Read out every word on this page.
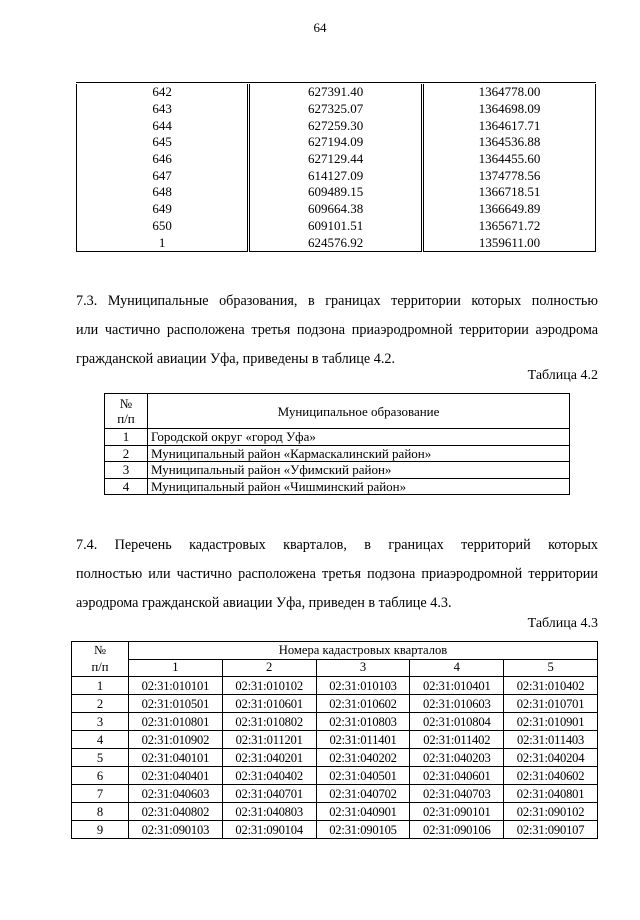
64
642	627391.40	1364778.00
643	627325.07	1364698.09
644	627259.30	1364617.71
645	627194.09	1364536.88
646	627129.44	1364455.60
647	614127.09	1374778.56
648	609489.15	1366718.51
649	609664.38	1366649.89
650	609101.51	1365671.72
1	624576.92	1359611.00
7.3. Муниципальные образования, в границах территории которых полностью
или частично расположена третья подзона приаэродромной территории аэродрома
гражданской авиации Уфа, приведены в таблице 4.2.
Таблица 4.2
№
п/п	Муниципальное образование
1	Городской округ «город Уфа»
2	Муниципальный район «Кармаскалинский район»
3	Муниципальный район «Уфимский район»
4	Муниципальный район «Чишминский район»
7.4. Перечень кадастровых кварталов, в границах территорий которых
полностью или частично расположена третья подзона приаэродромной территории
аэродрома гражданской авиации Уфа, приведен в таблице 4.3.
Таблица 4.3
№
п/п	Номера кадастровых кварталов				
	1	2	3	4	5
1	02:31:010101	02:31:010102	02:31:010103	02:31:010401	02:31:010402
2	02:31:010501	02:31:010601	02:31:010602	02:31:010603	02:31:010701
3	02:31:010801	02:31:010802	02:31:010803	02:31:010804	02:31:010901
4	02:31:010902	02:31:011201	02:31:011401	02:31:011402	02:31:011403
5	02:31:040101	02:31:040201	02:31:040202	02:31:040203	02:31:040204
6	02:31:040401	02:31:040402	02:31:040501	02:31:040601	02:31:040602
7	02:31:040603	02:31:040701	02:31:040702	02:31:040703	02:31:040801
8	02:31:040802	02:31:040803	02:31:040901	02:31:090101	02:31:090102
9	02:31:090103	02:31:090104	02:31:090105	02:31:090106	02:31:090107
